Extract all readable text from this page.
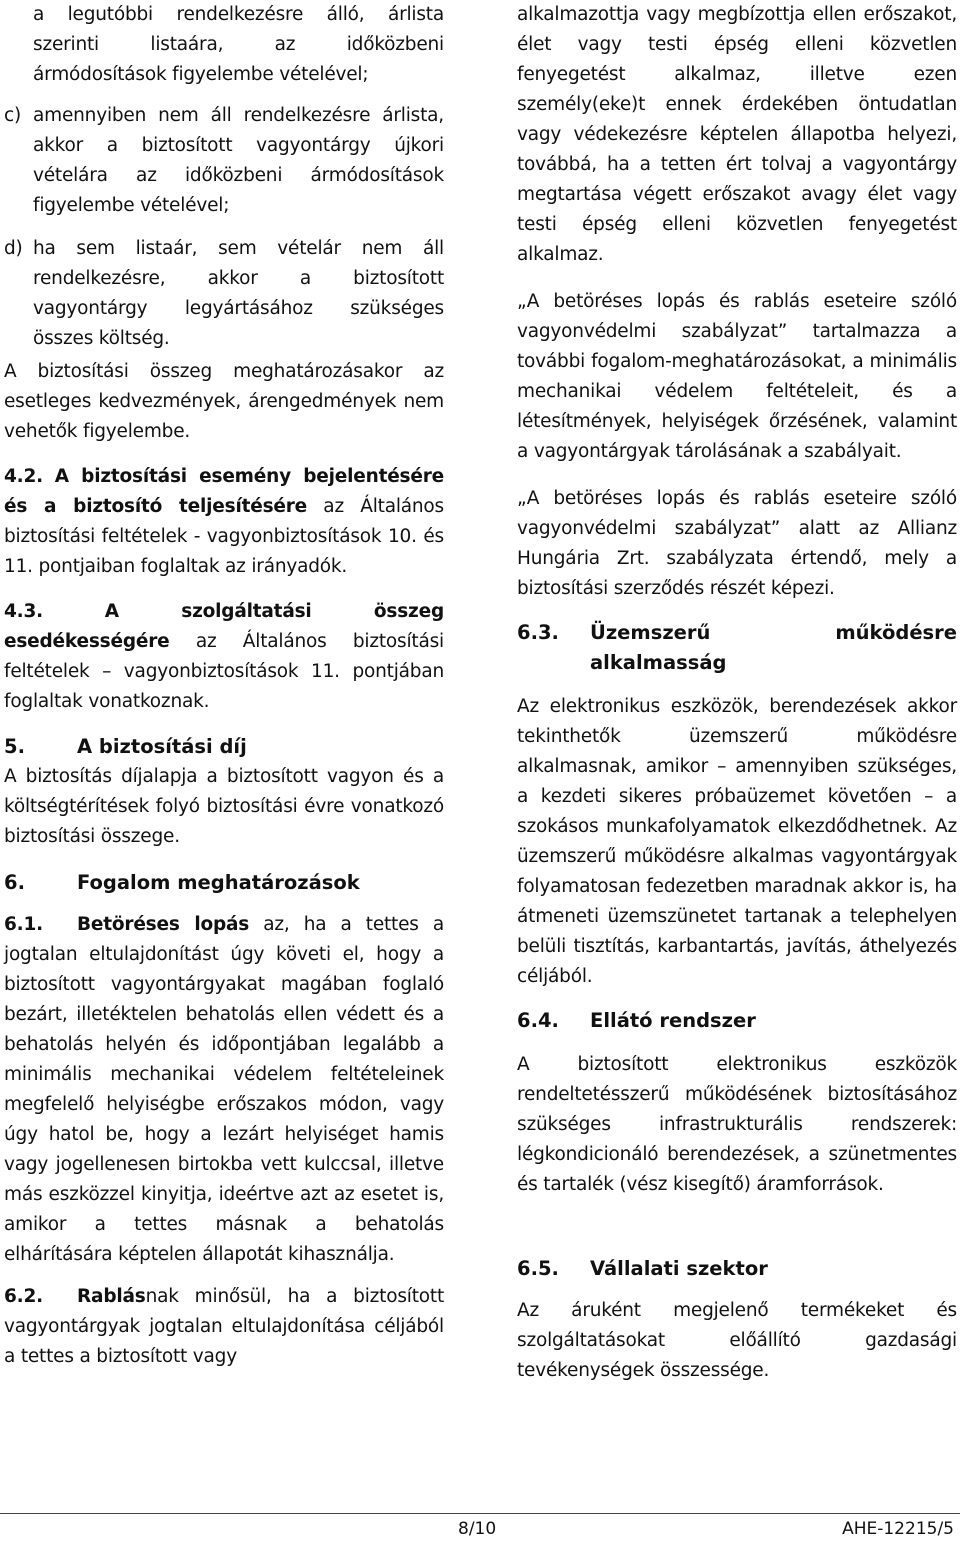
a legutóbbi rendelkezésre álló, árlista szerinti listaára, az időközbeni ármódosítások figyelembe vételével;

c) amennyiben nem áll rendelkezésre árlista, akkor a biztosított vagyontárgy újkori vételára az időközbeni ármódosítások figyelembe vételével;

d) ha sem listaár, sem vételár nem áll rendelkezésre, akkor a biztosított vagyontárgy legyártásához szükséges összes költség.

A biztosítási összeg meghatározásakor az esetleges kedvezmények, árengedmények nem vehetők figyelembe.

4.2. A biztosítási esemény bejelentésére és a biztosító teljesítésére az Általános biztosítási feltételek - vagyonbiztosítások 10. és 11. pontjaiban foglaltak az irányadók.

4.3.	A szolgáltatási összeg esedékességére az Általános biztosítási feltételek – vagyonbiztosítások 11. pontjában foglaltak vonatkoznak.

5.	A biztosítási díj

A biztosítás díjalapja a biztosított vagyon és a költségtérítések folyó biztosítási évre vonatkozó biztosítási összege.

6.	Fogalom meghatározások

6.1. Betöréses lopás az, ha a tettes a jogtalan eltulajdonítást úgy követi el, hogy a biztosított vagyontárgyakat magában foglaló bezárt, illetéktelen behatolás ellen védett és a behatolás helyén és időpontjában legalább a minimális mechanikai védelem feltételeinek megfelelő helyiségbe erőszakos módon, vagy úgy hatol be, hogy a lezárt helyiséget hamis vagy jogellenesen birtokba vett kulccsal, illetve más eszközzel kinyitja, ideértve azt az esetet is, amikor a tettes másnak a behatolás elhárítására képtelen állapotát kihasználja.

6.2. Rablásnak minősül, ha a biztosított vagyontárgyak jogtalan eltulajdonítása céljából a tettes a biztosított vagy

alkalmazottja vagy megbízottja ellen erőszakot, élet vagy testi épség elleni közvetlen fenyegetést alkalmaz, illetve ezen személy(eke)t ennek érdekében öntudatlan vagy védekezésre képtelen állapotba helyezi, továbbá, ha a tetten ért tolvaj a vagyontárgy megtartása végett erőszakot avagy élet vagy testi épség elleni közvetlen fenyegetést alkalmaz.

„A betöréses lopás és rablás eseteire szóló vagyonvédelmi szabályzat” tartalmazza a további fogalom-meghatározásokat, a minimális mechanikai védelem feltételeit, és a létesítmények, helyiségek őrzésének, valamint a vagyontárgyak tárolásának a szabályait.

„A betöréses lopás és rablás eseteire szóló vagyonvédelmi szabályzat” alatt az Allianz Hungária Zrt. szabályzata értendő, mely a biztosítási szerződés részét képezi.

6.3.	Üzemszerű működésre alkalmasság

Az elektronikus eszközök, berendezések akkor tekinthetők üzemszerű működésre alkalmasnak, amikor – amennyiben szükséges, a kezdeti sikeres próbaüzemet követően – a szokásos munkafolyamatok elkezdődhetnek. Az üzemszerű működésre alkalmas vagyontárgyak folyamatosan fedezetben maradnak akkor is, ha átmeneti üzemszünetet tartanak a telephelyen belüli tisztítás, karbantartás, javítás, áthelyezés céljából.

6.4. Ellátó rendszer

A biztosított elektronikus eszközök rendeltetésszerű működésének biztosításához szükséges infrastrukturális rendszerek: légkondicionáló berendezések, a szünetmentes és tartalék (vész kisegítő) áramforrások.

6.5. Vállalati szektor

Az áruként megjelenő termékeket és szolgáltatásokat előállító gazdasági tevékenységek összessége.

8/10	AHE-12215/5
